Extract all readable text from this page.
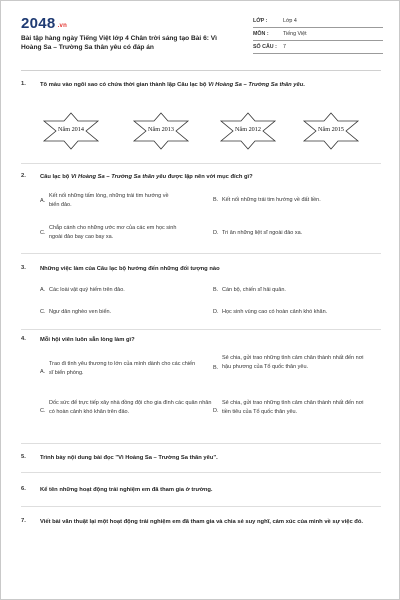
2048 .vn
Bài tập hàng ngày Tiếng Việt lớp 4 Chân trời sáng tạo Bài 6: Vì Hoàng Sa – Trường Sa thân yêu có đáp án
LỚP :	Lớp 4
MÔN :	Tiếng Việt
SỐ CÂU :	7
1. Tô màu vào ngôi sao có chứa thời gian thành lập Câu lạc bộ Vì Hoàng Sa – Trường Sa thân yêu.
Năm 2014	Năm 2013	Năm 2012	Năm 2015
2. Câu lạc bộ Vì Hoàng Sa – Trường Sa thân yêu được lập nên với mục đích gì?
A.
Kết nối những tấm lòng, những trái tim hướng về biển đảo.
B. Kết nối những trái tim hướng về đất liền.
C.
Chắp cánh cho những ước mơ của các em học sinh ngoài đảo bay cao bay xa.
D. Tri ân những liệt sĩ ngoài đảo xa.
3. Những việc làm của Câu lạc bộ hướng đến những đối tượng nào
A. Các loài vật quý hiếm trên đảo.	B. Cán bộ, chiến sĩ hải quân.
C. Ngư dân nghèo ven biển.	D. Học sinh vùng cao có hoàn cảnh khó khăn.
4. Mỗi hội viên luôn sẵn lòng làm gì?
A.
Trao đi tình yêu thương to lớn của mình dành cho các chiến sĩ biển phòng.
B.
Sẻ chia, gửi trao những tình cảm chân thành nhất đến nơi hậu phương của Tổ quốc thân yêu.
C.
Dốc sức để trực tiếp xây nhà đồng đội cho gia đình các quân nhân có hoàn cảnh khó khăn trên đảo.	D.
Sẻ chia, gửi trao những tình cảm chân thành nhất đến nơi tiền tiêu của Tổ quốc thân yêu.
5. Trình bày nội dung bài đọc "Vì Hoàng Sa – Trường Sa thân yêu".
6. Kể tên những hoạt động trải nghiệm em đã tham gia ở trường.
7. Viết bài văn thuật lại một hoạt động trải nghiệm em đã tham gia và chia sẻ suy nghĩ, cảm xúc của mình về sự việc đó.
